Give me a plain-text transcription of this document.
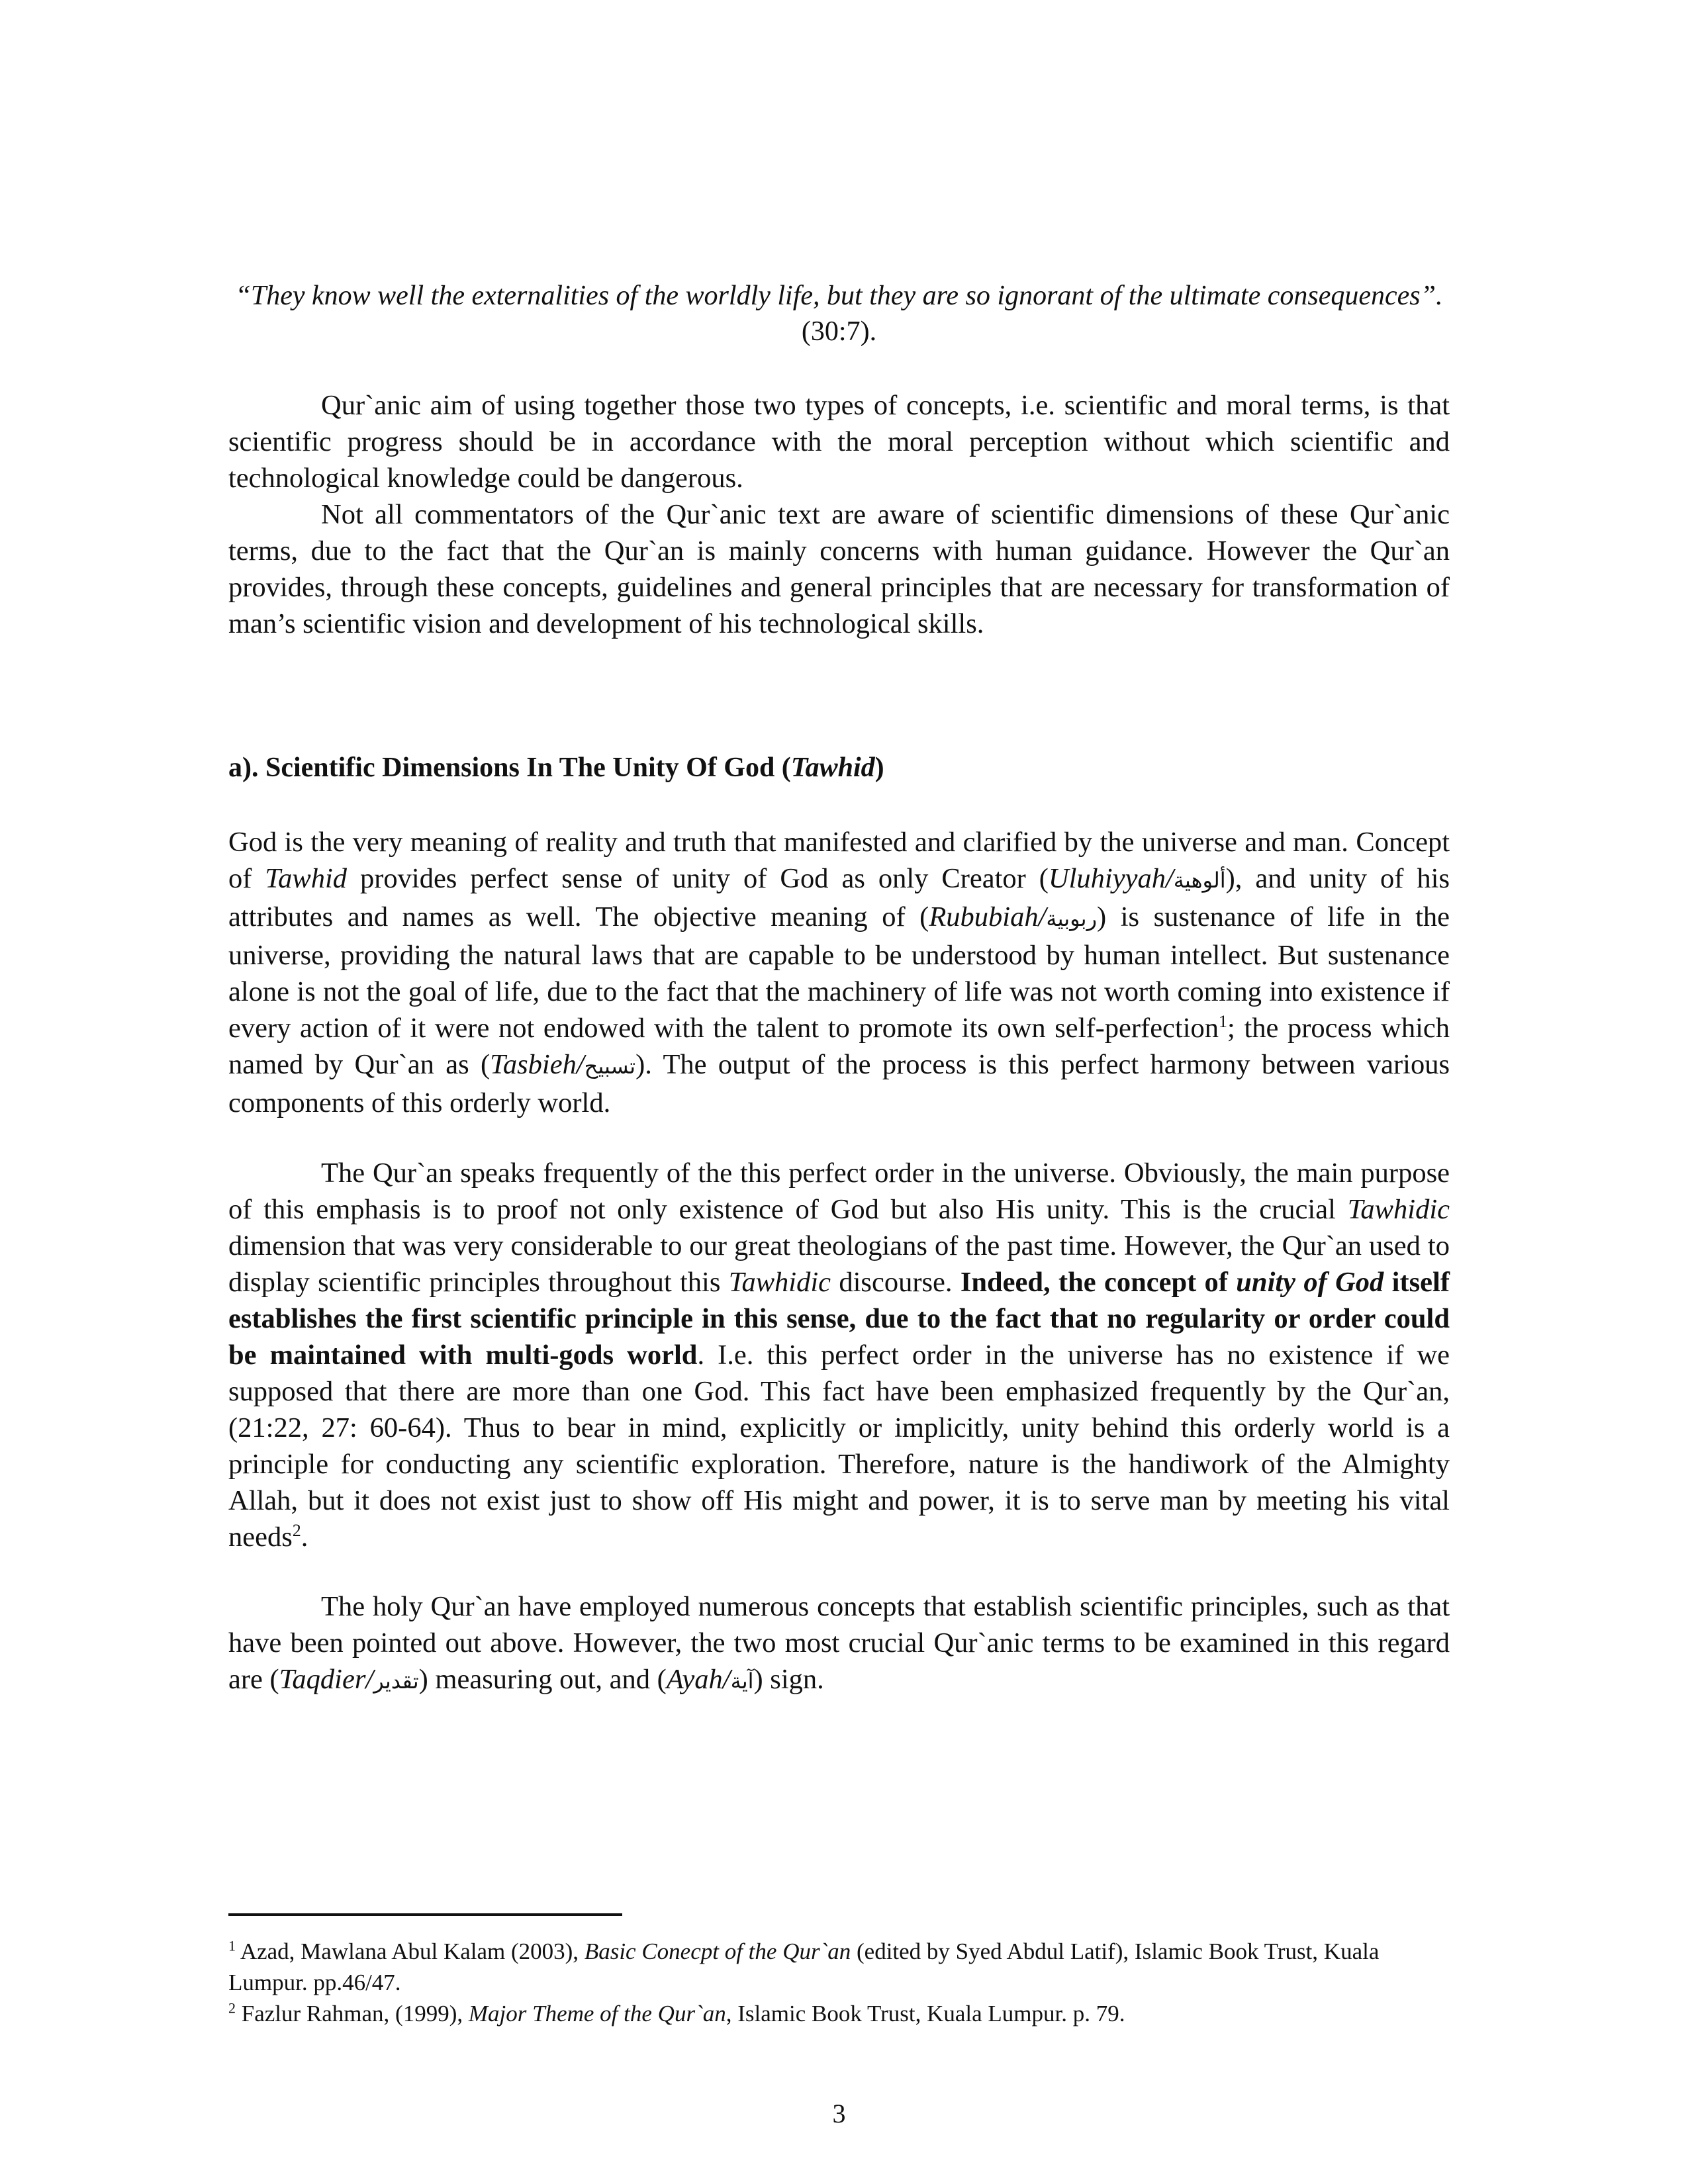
“They know well the externalities of the worldly life, but they are so ignorant of the ultimate consequences”. (30:7).
Qur`anic aim of using together those two types of concepts, i.e. scientific and moral terms, is that scientific progress should be in accordance with the moral perception without which scientific and technological knowledge could be dangerous.
Not all commentators of the Qur`anic text are aware of scientific dimensions of these Qur`anic terms, due to the fact that the Qur`an is mainly concerns with human guidance. However the Qur`an provides, through these concepts, guidelines and general principles that are necessary for transformation of man’s scientific vision and development of his technological skills.
a). Scientific Dimensions In The Unity Of God (Tawhid)
God is the very meaning of reality and truth that manifested and clarified by the universe and man. Concept of Tawhid provides perfect sense of unity of God as only Creator (Uluhiyyah/ألوهية), and unity of his attributes and names as well. The objective meaning of (Rububiah/ربوبية) is sustenance of life in the universe, providing the natural laws that are capable to be understood by human intellect. But sustenance alone is not the goal of life, due to the fact that the machinery of life was not worth coming into existence if every action of it were not endowed with the talent to promote its own self-perfection$^1$; the process which named by Qur`an as (Tasbieh/تسبيح). The output of the process is this perfect harmony between various components of this orderly world.
The Qur`an speaks frequently of the this perfect order in the universe. Obviously, the main purpose of this emphasis is to proof not only existence of God but also His unity. This is the crucial Tawhidic dimension that was very considerable to our great theologians of the past time. However, the Qur`an used to display scientific principles throughout this Tawhidic discourse. Indeed, the concept of unity of God itself establishes the first scientific principle in this sense, due to the fact that no regularity or order could be maintained with multi-gods world. I.e. this perfect order in the universe has no existence if we supposed that there are more than one God. This fact have been emphasized frequently by the Qur`an, (21:22, 27: 60-64). Thus to bear in mind, explicitly or implicitly, unity behind this orderly world is a principle for conducting any scientific exploration. Therefore, nature is the handiwork of the Almighty Allah, but it does not exist just to show off His might and power, it is to serve man by meeting his vital needs$^2$.
The holy Qur`an have employed numerous concepts that establish scientific principles, such as that have been pointed out above. However, the two most crucial Qur`anic terms to be examined in this regard are (Taqdier/تقدير) measuring out, and (Ayah/آية) sign.
$^1$ Azad, Mawlana Abul Kalam (2003), Basic Conecpt of the Qur`an (edited by Syed Abdul Latif), Islamic Book Trust, Kuala Lumpur. pp.46/47.
$^2$ Fazlur Rahman, (1999), Major Theme of the Qur`an, Islamic Book Trust, Kuala Lumpur. p. 79.
3
